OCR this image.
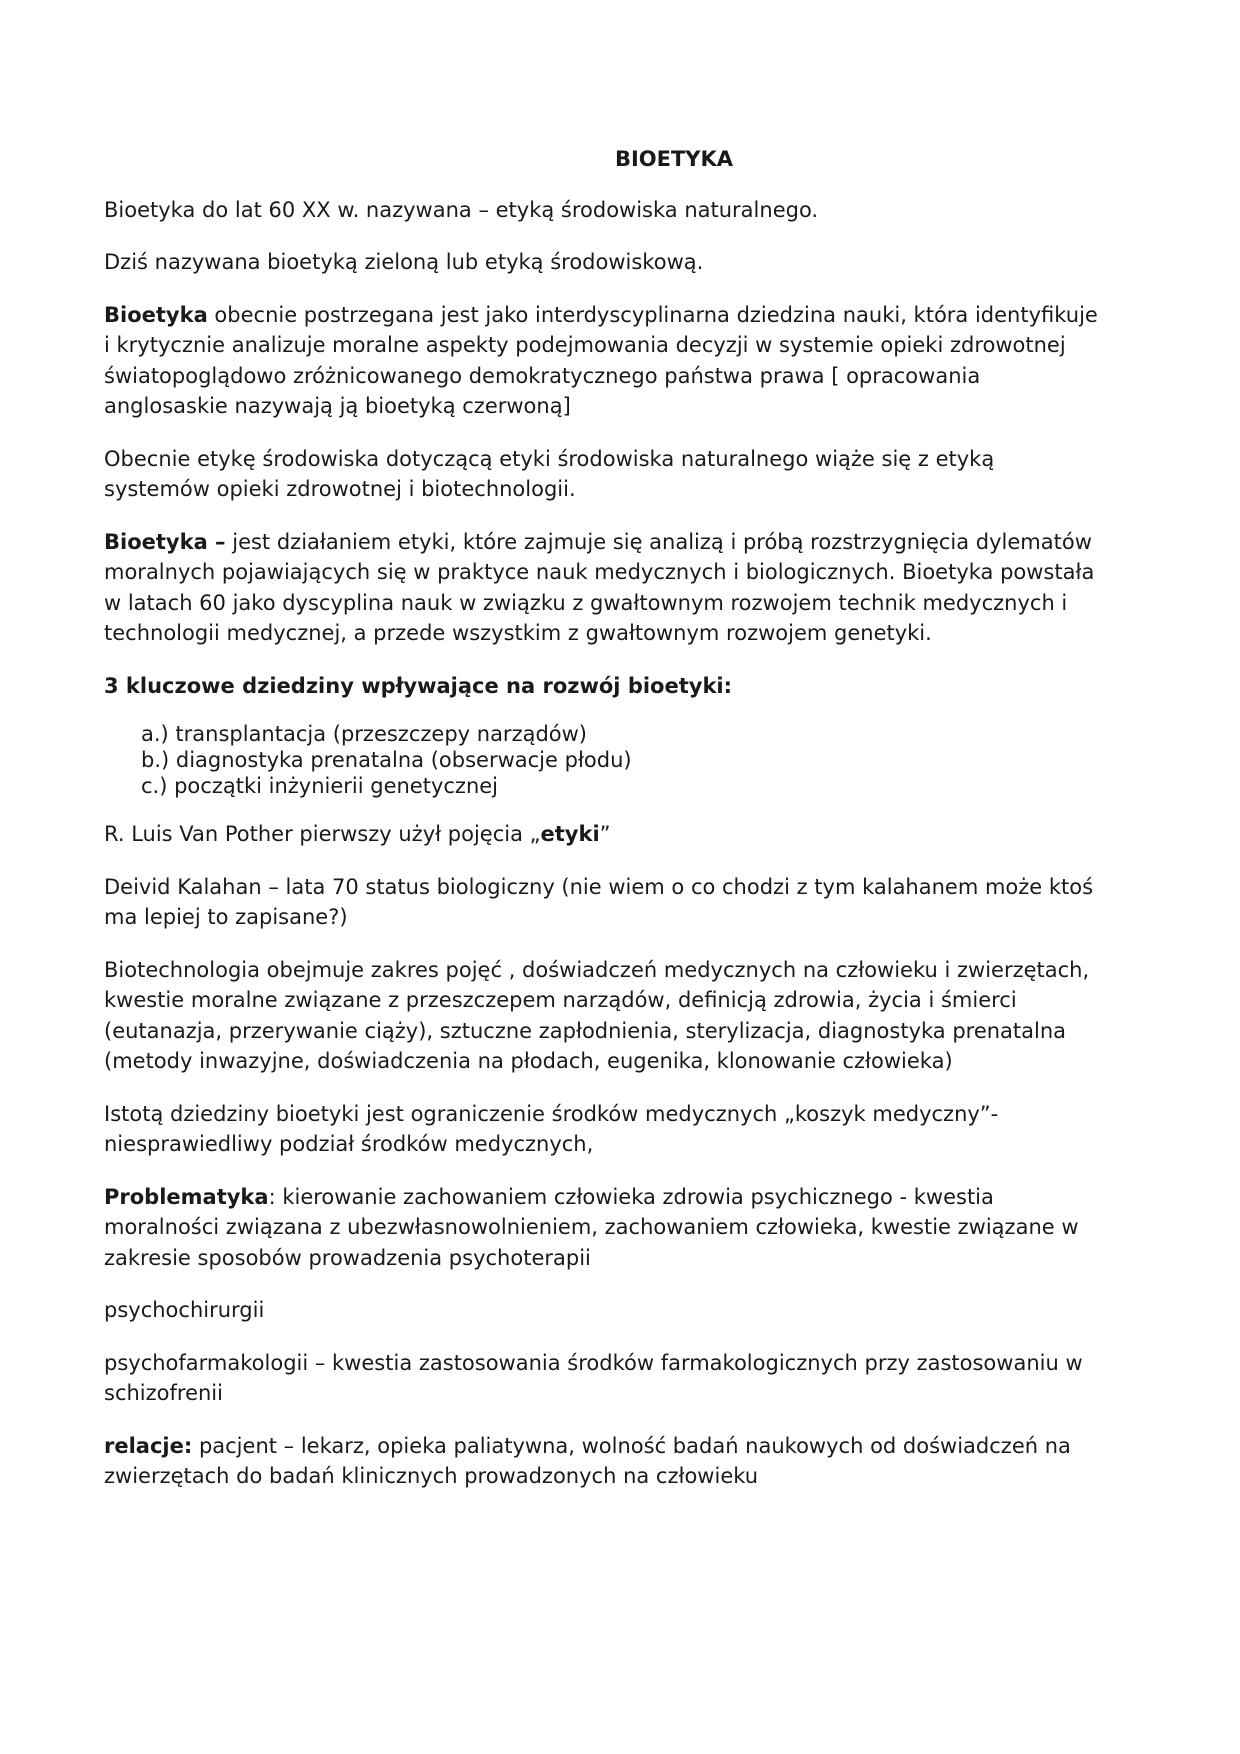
BIOETYKA

Bioetyka do lat 60 XX w. nazywana – etyką środowiska naturalnego.

Dziś nazywana bioetyką zieloną lub etyką środowiskową.

Bioetyka obecnie postrzegana jest jako interdyscyplinarna dziedzina nauki, która identyfikuje i krytycznie analizuje moralne aspekty podejmowania decyzji w systemie opieki zdrowotnej światopoglądowo zróżnicowanego demokratycznego państwa prawa [ opracowania anglosaskie nazywają ją bioetyką czerwoną]

Obecnie etykę środowiska dotyczącą etyki środowiska naturalnego wiąże się z etyką systemów opieki zdrowotnej i biotechnologii.

Bioetyka – jest działaniem etyki, które zajmuje się analizą i próbą rozstrzygnięcia dylematów moralnych pojawiających się w praktyce nauk medycznych i biologicznych. Bioetyka powstała w latach 60 jako dyscyplina nauk w związku z gwałtownym rozwojem technik medycznych i technologii medycznej, a przede wszystkim z gwałtownym rozwojem genetyki.

3 kluczowe dziedziny wpływające na rozwój bioetyki:

a.) transplantacja (przeszczepy narządów)
b.) diagnostyka prenatalna (obserwacje płodu)
c.) początki inżynierii genetycznej

R. Luis Van Pother pierwszy użył pojęcia „etyki”

Deivid Kalahan – lata 70 status biologiczny (nie wiem o co chodzi z tym kalahanem może ktoś ma lepiej to zapisane?)

Biotechnologia obejmuje zakres pojęć , doświadczeń medycznych na człowieku i zwierzętach, kwestie moralne związane z przeszczepem narządów, definicją zdrowia, życia i śmierci (eutanazja, przerywanie ciąży), sztuczne zapłodnienia, sterylizacja, diagnostyka prenatalna (metody inwazyjne, doświadczenia na płodach, eugenika, klonowanie człowieka)

Istotą dziedziny bioetyki jest ograniczenie środków medycznych „koszyk medyczny”- niesprawiedliwy podział środków medycznych,

Problematyka: kierowanie zachowaniem człowieka zdrowia psychicznego - kwestia moralności związana z ubezwłasnowolnieniem, zachowaniem człowieka, kwestie związane w zakresie sposobów prowadzenia psychoterapii

psychochirurgii

psychofarmakologii – kwestia zastosowania środków farmakologicznych przy zastosowaniu w schizofrenii

relacje: pacjent – lekarz, opieka paliatywna, wolność badań naukowych od doświadczeń na zwierzętach do badań klinicznych prowadzonych na człowieku
